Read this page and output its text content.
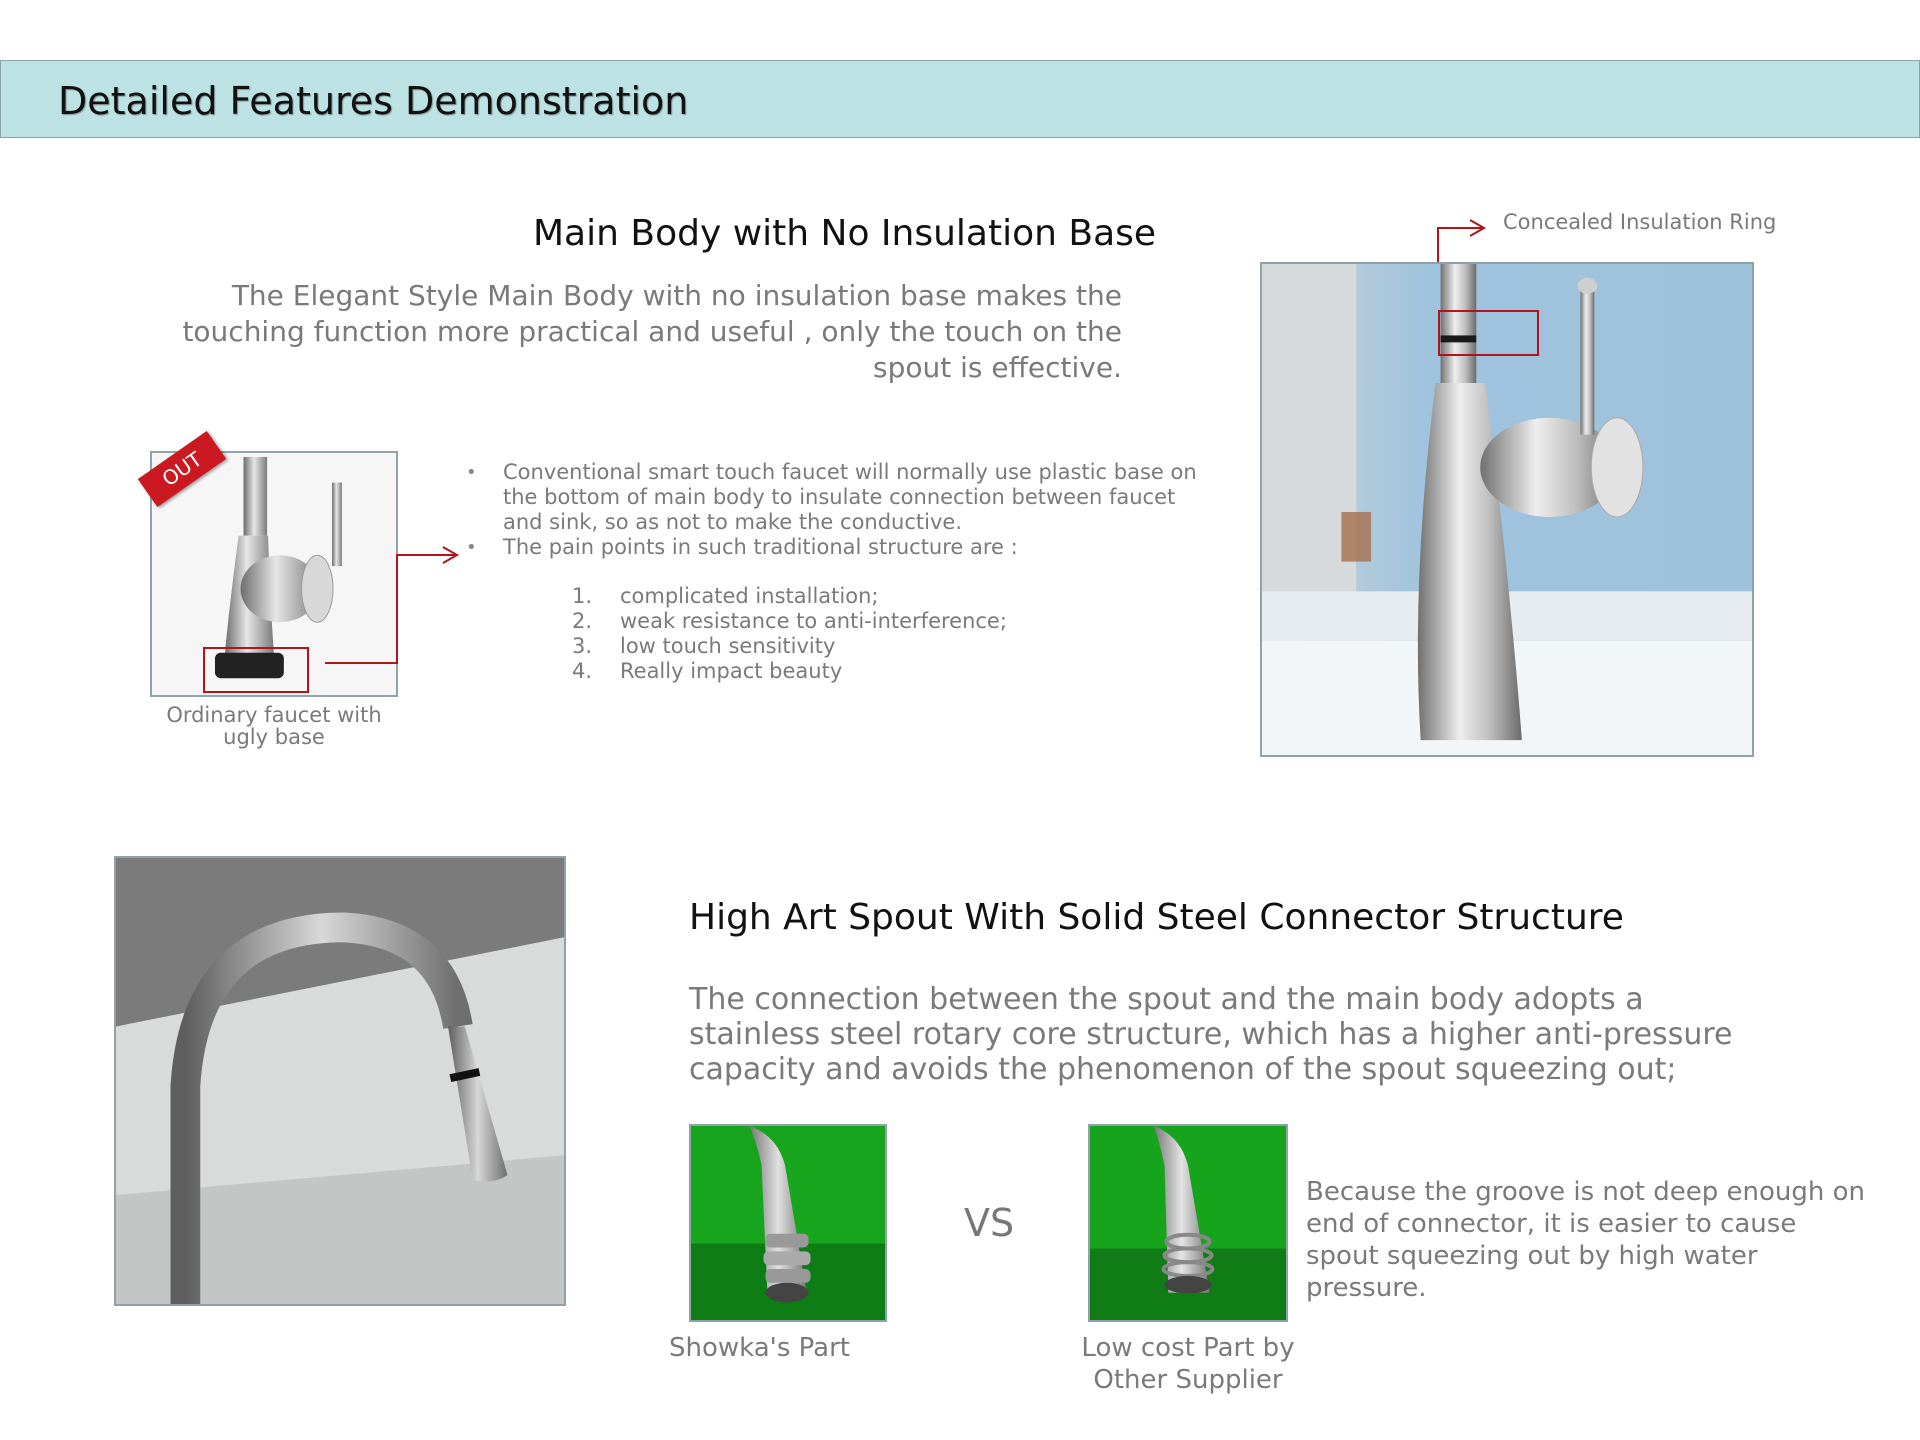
Detailed Features Demonstration
Main Body with No Insulation Base
The Elegant Style Main Body with no insulation base makes the touching function more practical and useful , only the touch on the spout is effective.
OUT
Ordinary faucet with ugly base
• Conventional smart touch faucet will normally use plastic base on the bottom of main body to insulate connection between faucet and sink, so as not to make the conductive.
• The pain points in such traditional structure are :
1.	complicated installation;
2.	weak resistance to anti-interference;
3.	low touch sensitivity
4.	Really impact beauty
Concealed Insulation Ring
High Art Spout With Solid Steel Connector Structure
The connection between the spout and the main body adopts a stainless steel rotary core structure, which has a higher anti-pressure capacity and avoids the phenomenon of the spout squeezing out;
Showka's Part
VS
Low cost Part by Other Supplier
Because the groove is not deep enough on end of connector, it is easier to cause spout squeezing out by high water pressure.
